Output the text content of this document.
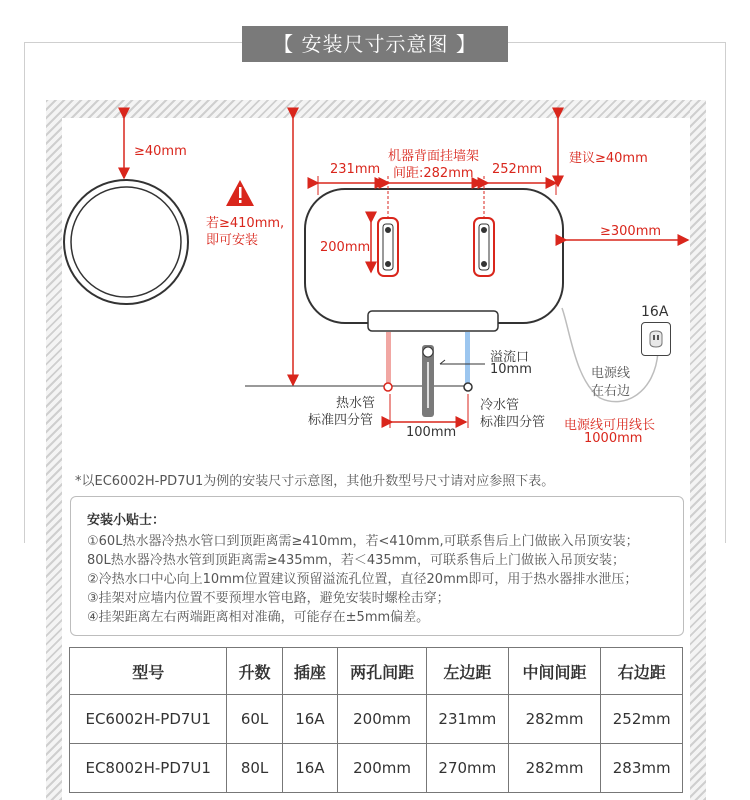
【 安装尺寸示意图 】
≥40mm
若≥410mm,
即可安装
机器背面挂墙架
231mm 间距:282mm 252mm
建议≥40mm
≥300mm
200mm
16A
溢流口
10mm	电源线
在右边
热水管
标准四分管
冷水管
标准四分管
100mm	电源线可用线长
1000mm
*以EC6002H-PD7U1为例的安装尺寸示意图，其他升数型号尺寸请对应参照下表。
安装小贴士：
①60L热水器冷热水管口到顶距离需≥410mm，若<410mm,可联系售后上门做嵌入吊顶安装；
80L热水器冷热水管到顶距离需≥435mm，若＜435mm，可联系售后上门做嵌入吊顶安装；
②冷热水口中心向上10mm位置建议预留溢流孔位置，直径20mm即可，用于热水器排水泄压；
③挂架对应墙内位置不要预埋水管电路，避免安装时螺栓击穿；
④挂架距离左右两端距离相对准确，可能存在±5mm偏差。
型号	升数	插座	两孔间距	左边距	中间间距	右边距
EC6002H-PD7U1	60L	16A	200mm	231mm	282mm	252mm
EC8002H-PD7U1	80L	16A	200mm	270mm	282mm	283mm
